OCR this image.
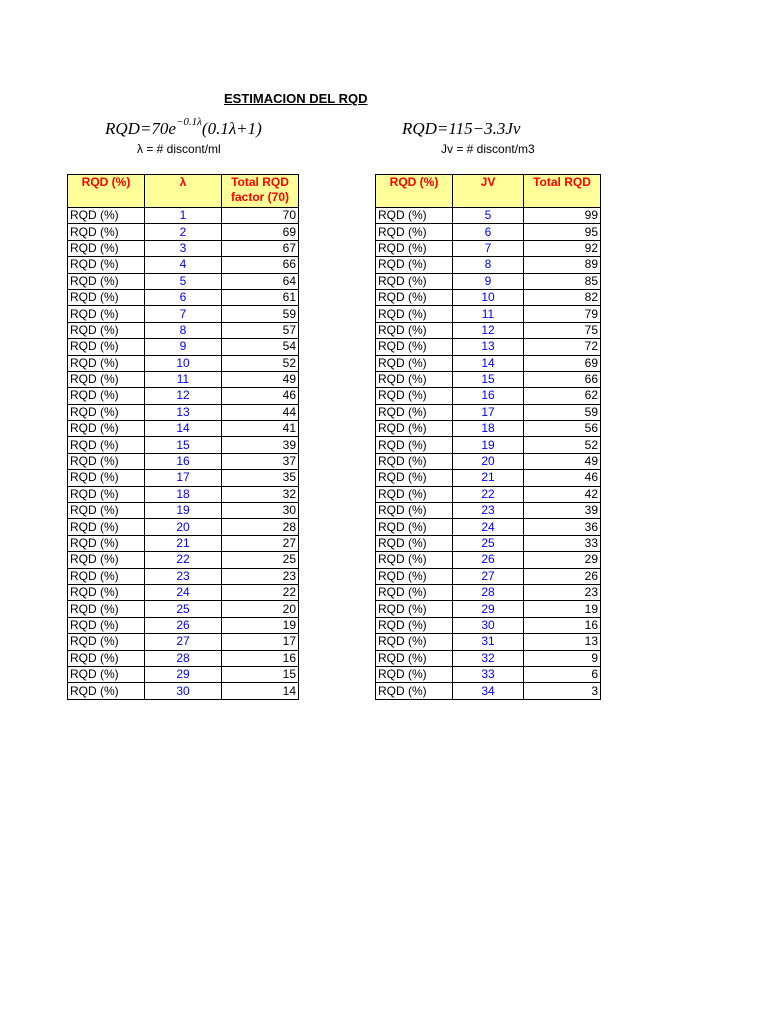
ESTIMACION DEL RQD
$RQD=70e^{-0.1\lambda}(0.1\lambda+1)$	RQD=115−3.3Jv
λ = # discont/ml	Jv = # discont/m3
RQD (%)	λ	Total RQD factor (70)
RQD (%)	1	70
RQD (%)	2	69
RQD (%)	3	67
RQD (%)	4	66
RQD (%)	5	64
RQD (%)	6	61
RQD (%)	7	59
RQD (%)	8	57
RQD (%)	9	54
RQD (%)	10	52
RQD (%)	11	49
RQD (%)	12	46
RQD (%)	13	44
RQD (%)	14	41
RQD (%)	15	39
RQD (%)	16	37
RQD (%)	17	35
RQD (%)	18	32
RQD (%)	19	30
RQD (%)	20	28
RQD (%)	21	27
RQD (%)	22	25
RQD (%)	23	23
RQD (%)	24	22
RQD (%)	25	20
RQD (%)	26	19
RQD (%)	27	17
RQD (%)	28	16
RQD (%)	29	15
RQD (%)	30	14
RQD (%)	JV	Total RQD
RQD (%)	5	99
RQD (%)	6	95
RQD (%)	7	92
RQD (%)	8	89
RQD (%)	9	85
RQD (%)	10	82
RQD (%)	11	79
RQD (%)	12	75
RQD (%)	13	72
RQD (%)	14	69
RQD (%)	15	66
RQD (%)	16	62
RQD (%)	17	59
RQD (%)	18	56
RQD (%)	19	52
RQD (%)	20	49
RQD (%)	21	46
RQD (%)	22	42
RQD (%)	23	39
RQD (%)	24	36
RQD (%)	25	33
RQD (%)	26	29
RQD (%)	27	26
RQD (%)	28	23
RQD (%)	29	19
RQD (%)	30	16
RQD (%)	31	13
RQD (%)	32	9
RQD (%)	33	6
RQD (%)	34	3
